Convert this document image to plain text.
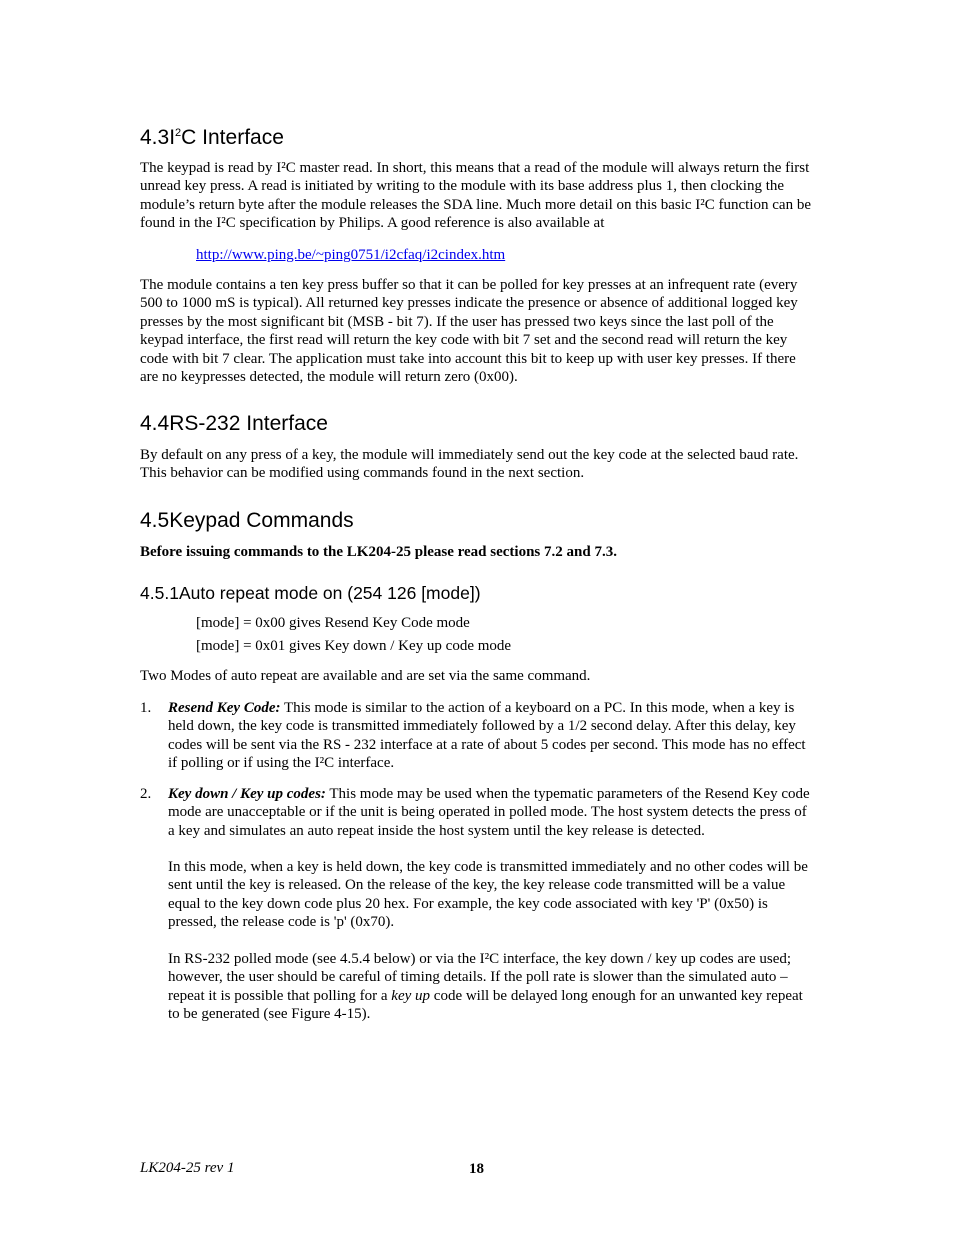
$4.3I^2C$ Interface

The keypad is read by I²C master read. In short, this means that a read of the module will always return the first unread key press. A read is initiated by writing to the module with its base address plus 1, then clocking the module’s return byte after the module releases the SDA line. Much more detail on this basic I²C function can be found in the I²C specification by Philips. A good reference is also available at

http://www.ping.be/~ping0751/i2cfaq/i2cindex.htm

The module contains a ten key press buffer so that it can be polled for key presses at an infrequent rate (every 500 to 1000 mS is typical). All returned key presses indicate the presence or absence of additional logged key presses by the most significant bit (MSB - bit 7). If the user has pressed two keys since the last poll of the keypad interface, the first read will return the key code with bit 7 set and the second read will return the key code with bit 7 clear. The application must take into account this bit to keep up with user key presses. If there are no keypresses detected, the module will return zero (0x00).

4.4RS-232 Interface

By default on any press of a key, the module will immediately send out the key code at the selected baud rate. This behavior can be modified using commands found in the next section.

4.5Keypad Commands

Before issuing commands to the LK204-25 please read sections 7.2 and 7.3.

4.5.1Auto repeat mode on (254 126 [mode])

[mode] = 0x00 gives Resend Key Code mode

[mode] = 0x01 gives Key down / Key up code mode

Two Modes of auto repeat are available and are set via the same command.

1. Resend Key Code: This mode is similar to the action of a keyboard on a PC. In this mode, when a key is held down, the key code is transmitted immediately followed by a 1/2 second delay. After this delay, key codes will be sent via the RS - 232 interface at a rate of about 5 codes per second. This mode has no effect if polling or if using the I²C interface.

2. Key down / Key up codes: This mode may be used when the typematic parameters of the Resend Key code mode are unacceptable or if the unit is being operated in polled mode. The host system detects the press of a key and simulates an auto repeat inside the host system until the key release is detected.

In this mode, when a key is held down, the key code is transmitted immediately and no other codes will be sent until the key is released. On the release of the key, the key release code transmitted will be a value equal to the key down code plus 20 hex. For example, the key code associated with key 'P' (0x50) is pressed, the release code is 'p' (0x70).

In RS-232 polled mode (see 4.5.4 below) or via the I²C interface, the key down / key up codes are used; however, the user should be careful of timing details. If the poll rate is slower than the simulated auto – repeat it is possible that polling for a key up code will be delayed long enough for an unwanted key repeat to be generated (see Figure 4-15).

LK204-25 rev 1	18
